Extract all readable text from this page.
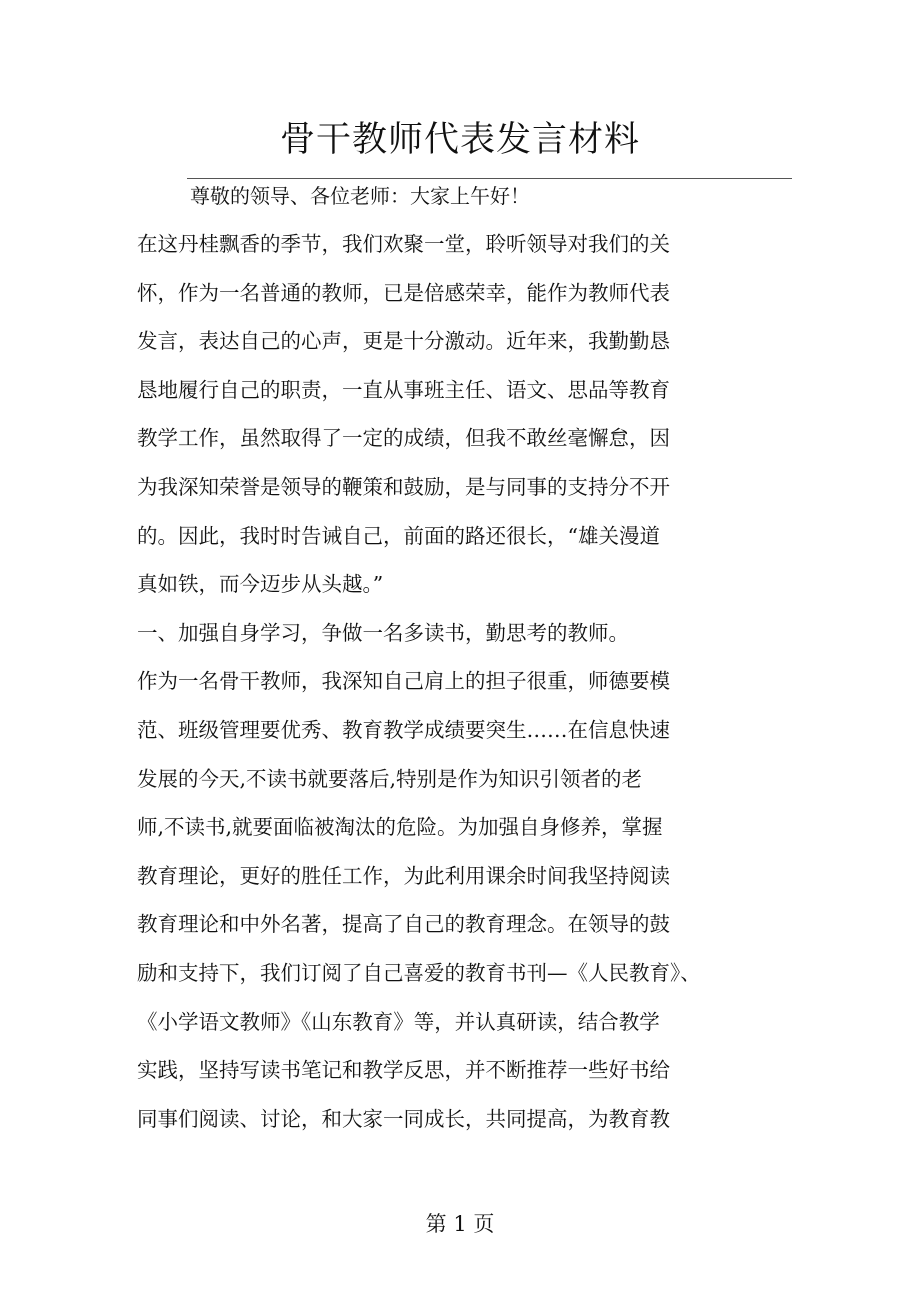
骨干教师代表发言材料
尊敬的领导、各位老师：大家上午好！
在这丹桂飘香的季节，我们欢聚一堂，聆听领导对我们的关
怀，作为一名普通的教师，已是倍感荣幸，能作为教师代表
发言，表达自己的心声，更是十分激动。近年来，我勤勤恳
恳地履行自己的职责，一直从事班主任、语文、思品等教育
教学工作，虽然取得了一定的成绩，但我不敢丝毫懈怠，因
为我深知荣誉是领导的鞭策和鼓励，是与同事的支持分不开
的。因此，我时时告诫自己，前面的路还很长，“雄关漫道
真如铁，而今迈步从头越。”
一、加强自身学习，争做一名多读书，勤思考的教师。
作为一名骨干教师，我深知自己肩上的担子很重，师德要模
范、班级管理要优秀、教育教学成绩要突生……在信息快速
发展的今天,不读书就要落后,特别是作为知识引领者的老
师,不读书,就要面临被淘汰的危险。为加强自身修养，掌握
教育理论，更好的胜任工作，为此利用课余时间我坚持阅读
教育理论和中外名著，提高了自己的教育理念。在领导的鼓
励和支持下，我们订阅了自己喜爱的教育书刊—《人民教育》、
《小学语文教师》《山东教育》等，并认真研读，结合教学
实践，坚持写读书笔记和教学反思，并不断推荐一些好书给
同事们阅读、讨论，和大家一同成长，共同提高，为教育教
第 1 页
